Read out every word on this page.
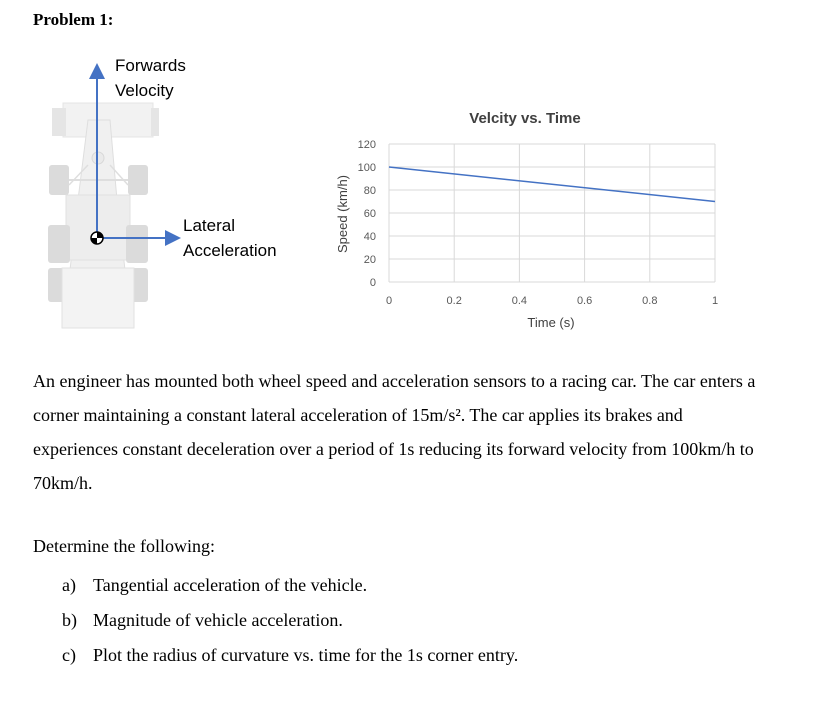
Problem 1:
Forwards
Velocity
Lateral
Acceleration
Velcity vs. Time
0
20
40
60
80
100
120
0	0.2	0.4	0.6	0.8	1
Time (s)
Speed (km/h)

An engineer has mounted both wheel speed and acceleration sensors to a racing car. The car enters a corner maintaining a constant lateral acceleration of 15m/s². The car applies its brakes and experiences constant deceleration over a period of 1s reducing its forward velocity from 100km/h to 70km/h.

Determine the following:

a) Tangential acceleration of the vehicle.
b) Magnitude of vehicle acceleration.
c) Plot the radius of curvature vs. time for the 1s corner entry.
